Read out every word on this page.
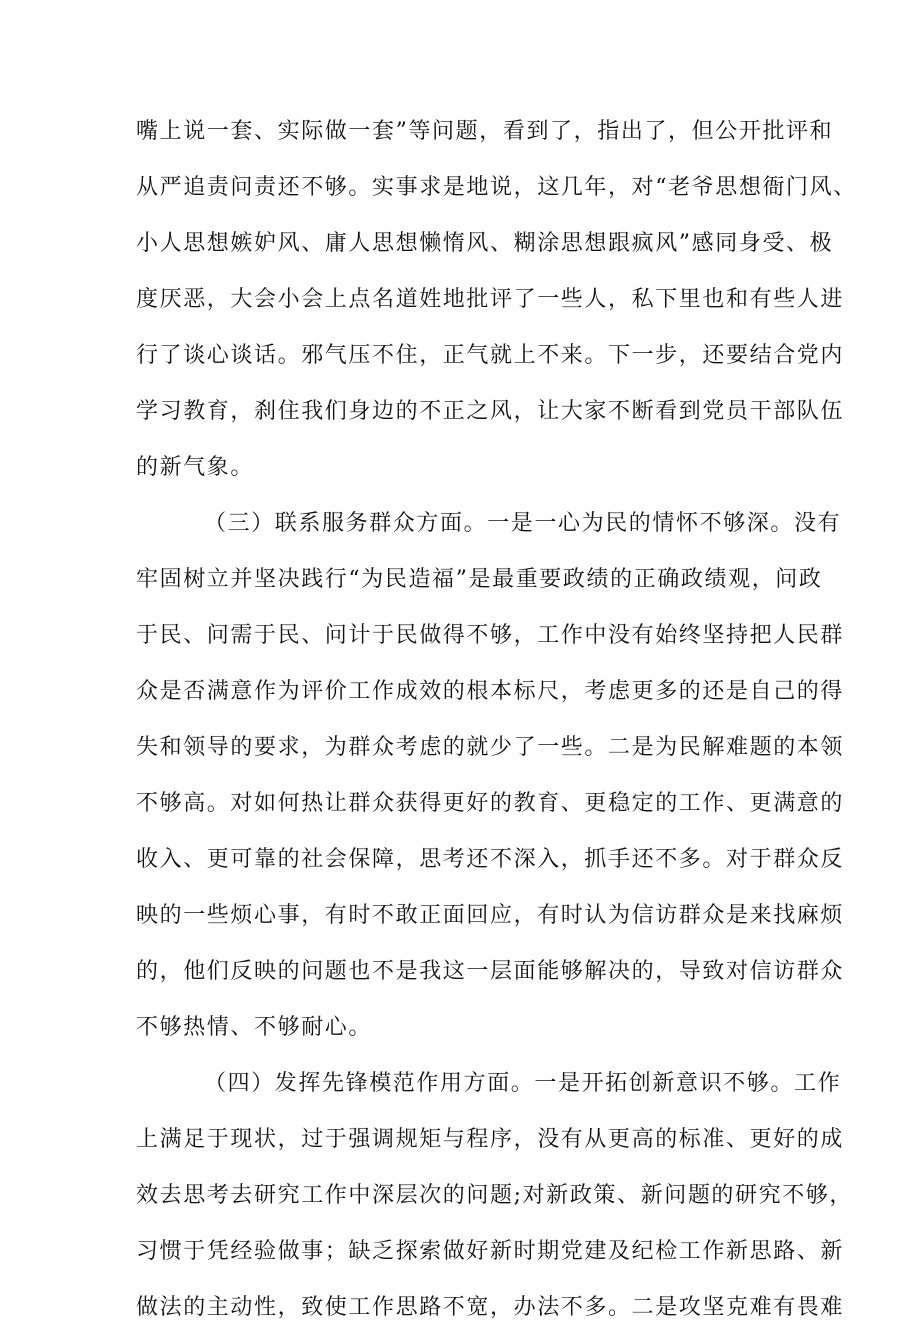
嘴上说一套、实际做一套”等问题，看到了，指出了，但公开批评和
从严追责问责还不够。实事求是地说，这几年，对“老爷思想衙门风、
小人思想嫉妒风、庸人思想懒惰风、糊涂思想跟疯风”感同身受、极
度厌恶，大会小会上点名道姓地批评了一些人，私下里也和有些人进
行了谈心谈话。邪气压不住，正气就上不来。下一步，还要结合党内
学习教育，刹住我们身边的不正之风，让大家不断看到党员干部队伍
的新气象。
（三）联系服务群众方面。一是一心为民的情怀不够深。没有
牢固树立并坚决践行“为民造福”是最重要政绩的正确政绩观，问政
于民、问需于民、问计于民做得不够，工作中没有始终坚持把人民群
众是否满意作为评价工作成效的根本标尺，考虑更多的还是自己的得
失和领导的要求，为群众考虑的就少了一些。二是为民解难题的本领
不够高。对如何热让群众获得更好的教育、更稳定的工作、更满意的
收入、更可靠的社会保障，思考还不深入，抓手还不多。对于群众反
映的一些烦心事，有时不敢正面回应，有时认为信访群众是来找麻烦
的，他们反映的问题也不是我这一层面能够解决的，导致对信访群众
不够热情、不够耐心。
（四）发挥先锋模范作用方面。一是开拓创新意识不够。工作
上满足于现状，过于强调规矩与程序，没有从更高的标准、更好的成
效去思考去研究工作中深层次的问题;对新政策、新问题的研究不够，
习惯于凭经验做事；缺乏探索做好新时期党建及纪检工作新思路、新
做法的主动性，致使工作思路不宽，办法不多。二是攻坚克难有畏难
